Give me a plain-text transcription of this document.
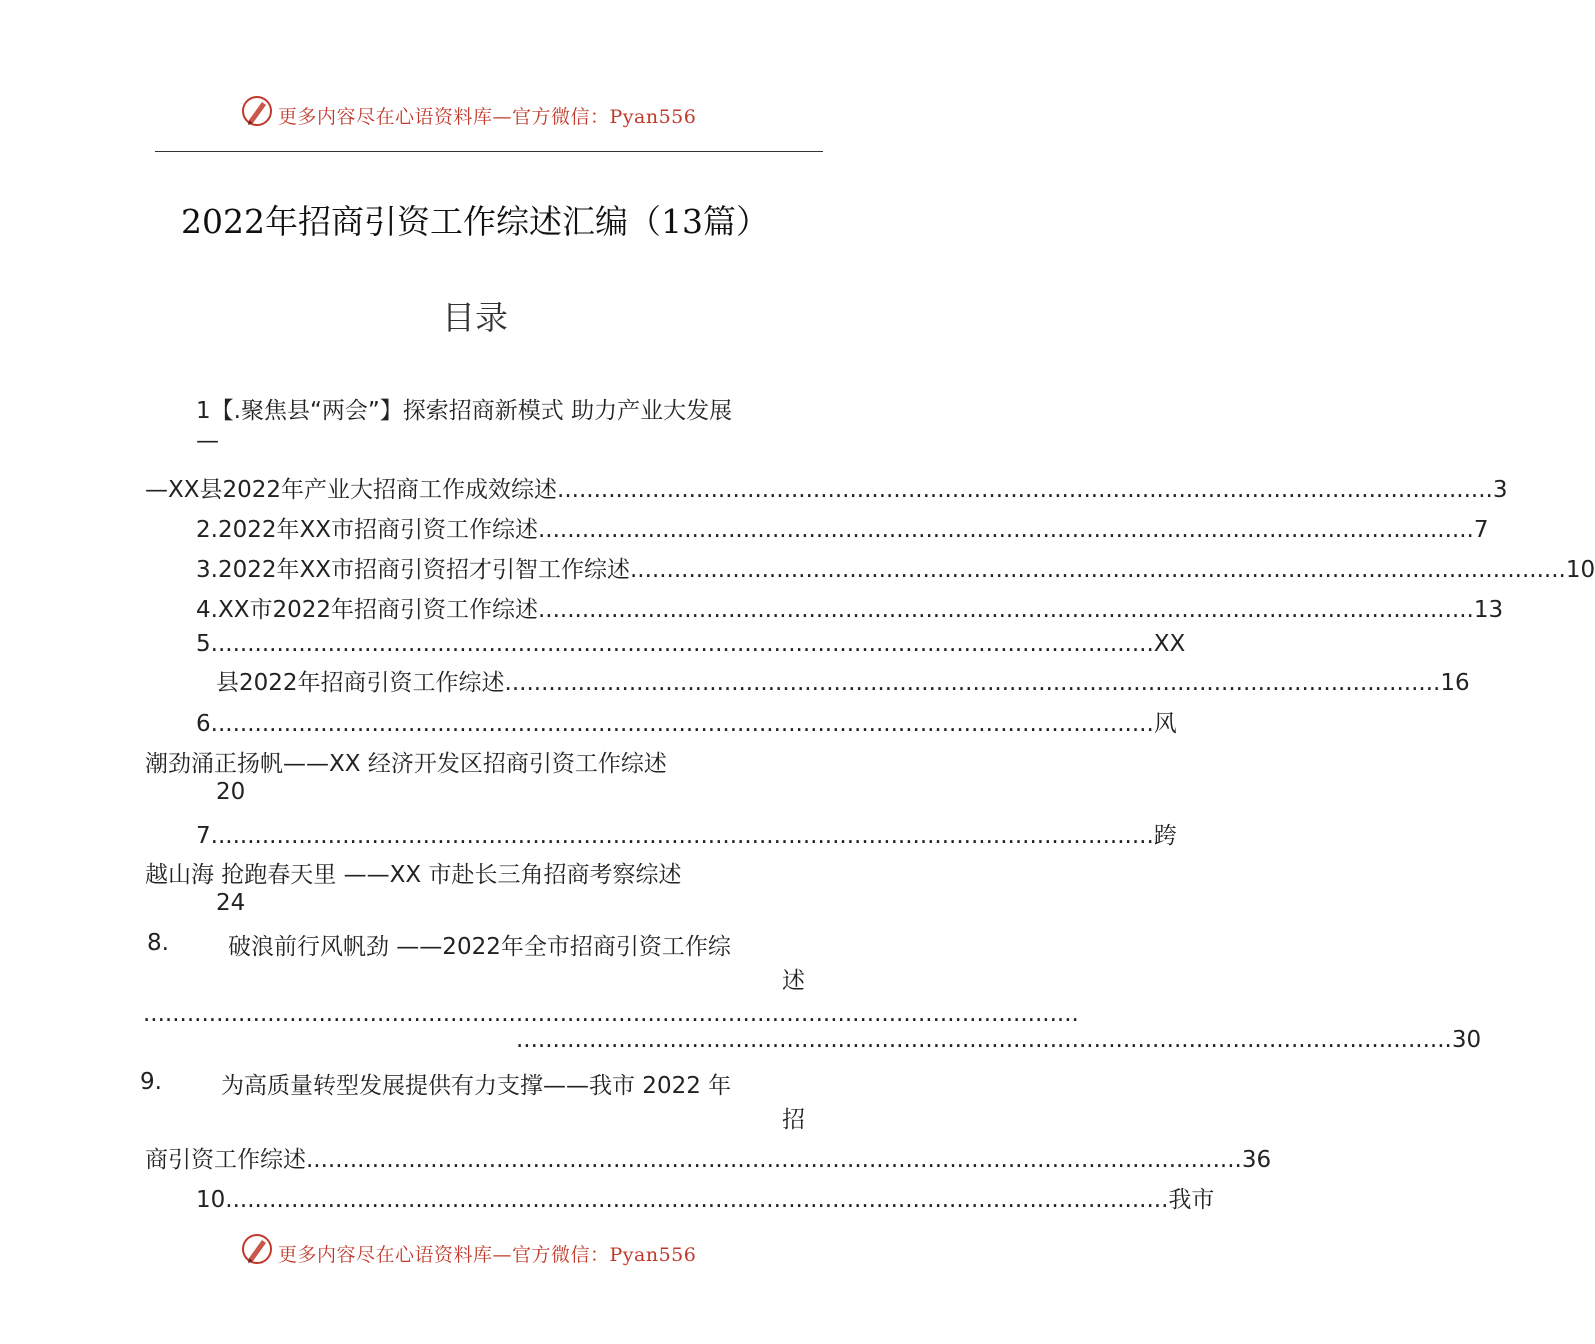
更多内容尽在心语资料库—官方微信：Pyan556
2022年招商引资工作综述汇编（13篇）
目录
1【.聚焦县“两会”】探索招商新模式 助力产业大发展
—
—XX县2022年产业大招商工作成效综述 ................................................................................................................................ 3
2.2022年XX市招商引资工作综述 ................................................................................................................................ 7
3.2022年XX市招商引资招才引智工作综述 ................................................................................................................................ 10
4.XX市2022年招商引资工作综述 ................................................................................................................................ 13
5. ................................................................................................................................ XX
县2022年招商引资工作综述 ................................................................................................................................ 16
6. ................................................................................................................................ 风
潮劲涌正扬帆——XX 经济开发区招商引资工作综述
20
7. ................................................................................................................................ 跨
越山海 抢跑春天里 ——XX 市赴长三角招商考察综述
24
8.	破浪前行风帆劲 ——2022年全市招商引资工作综
述
................................................................................................................................
................................................................................................................................ 30
9.	为高质量转型发展提供有力支撑——我市 2022 年
招
商引资工作综述 ................................................................................................................................ 36
10. ................................................................................................................................ 我市
更多内容尽在心语资料库—官方微信：Pyan556
